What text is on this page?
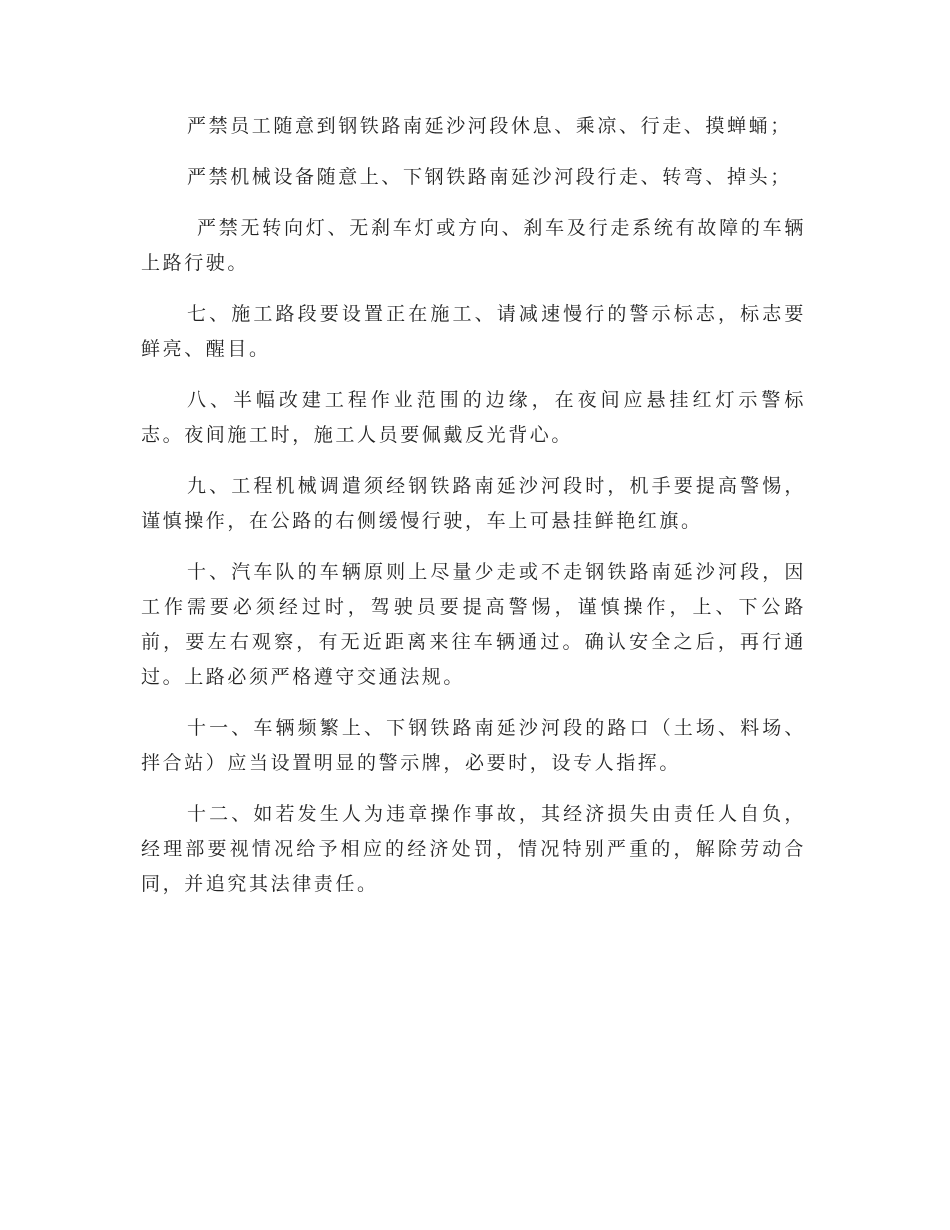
严禁员工随意到钢铁路南延沙河段休息、乘凉、行走、摸蝉蛹；

严禁机械设备随意上、下钢铁路南延沙河段行走、转弯、掉头；

严禁无转向灯、无刹车灯或方向、刹车及行走系统有故障的车辆上路行驶。

七、施工路段要设置正在施工、请减速慢行的警示标志，标志要鲜亮、醒目。

八、半幅改建工程作业范围的边缘，在夜间应悬挂红灯示警标志。夜间施工时，施工人员要佩戴反光背心。

九、工程机械调遣须经钢铁路南延沙河段时，机手要提高警惕，谨慎操作，在公路的右侧缓慢行驶，车上可悬挂鲜艳红旗。

十、汽车队的车辆原则上尽量少走或不走钢铁路南延沙河段，因工作需要必须经过时，驾驶员要提高警惕，谨慎操作，上、下公路前，要左右观察，有无近距离来往车辆通过。确认安全之后，再行通过。上路必须严格遵守交通法规。

十一、车辆频繁上、下钢铁路南延沙河段的路口（土场、料场、拌合站）应当设置明显的警示牌，必要时，设专人指挥。

十二、如若发生人为违章操作事故，其经济损失由责任人自负，经理部要视情况给予相应的经济处罚，情况特别严重的，解除劳动合同，并追究其法律责任。
